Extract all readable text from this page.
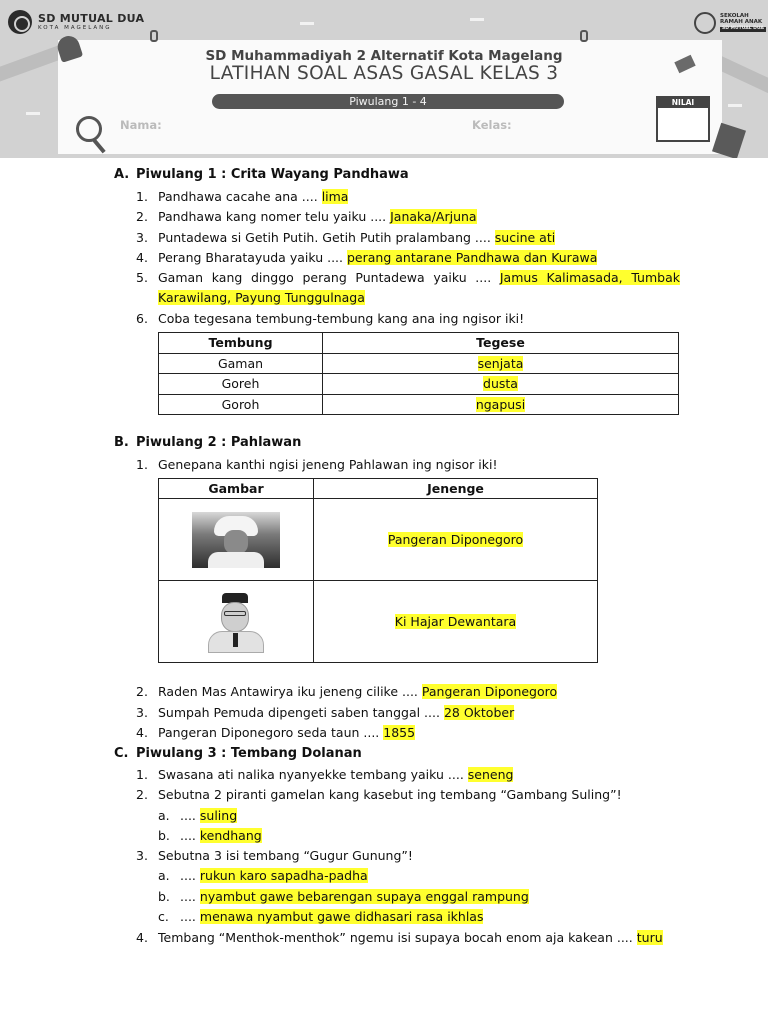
SD MUTUAL DUA
KOTA MAGELANG
SEKOLAH
RAMAH ANAK
SD MUTUAL DUA
SD Muhammadiyah 2 Alternatif Kota Magelang
LATIHAN SOAL ASAS GASAL KELAS 3
Piwulang 1 - 4
Nama:	Kelas:
NILAI
A. Piwulang 1 : Crita Wayang Pandhawa
1. Pandhawa cacahe ana .... lima
2. Pandhawa kang nomer telu yaiku .... Janaka/Arjuna
3. Puntadewa si Getih Putih. Getih Putih pralambang .... sucine ati
4. Perang Bharatayuda yaiku .... perang antarane Pandhawa dan Kurawa
5. Gaman kang dinggo perang Puntadewa yaiku .... Jamus Kalimasada, Tumbak Karawilang, Payung Tunggulnaga
6. Coba tegesana tembung-tembung kang ana ing ngisor iki!
Tembung	Tegese
Gaman	senjata
Goreh	dusta
Goroh	ngapusi
B. Piwulang 2 : Pahlawan
1. Genepana kanthi ngisi jeneng Pahlawan ing ngisor iki!
Gambar	Jenenge

	Pangeran Diponegoro

	Ki Hajar Dewantara
2. Raden Mas Antawirya iku jeneng cilike .... Pangeran Diponegoro
3. Sumpah Pemuda dipengeti saben tanggal .... 28 Oktober
4. Pangeran Diponegoro seda taun .... 1855
C. Piwulang 3 : Tembang Dolanan
1. Swasana ati nalika nyanyekke tembang yaiku .... seneng
2. Sebutna 2 piranti gamelan kang kasebut ing tembang “Gambang Suling”!
a. .... suling
b. .... kendhang
3. Sebutna 3 isi tembang “Gugur Gunung”!
a. .... rukun karo sapadha-padha
b. .... nyambut gawe bebarengan supaya enggal rampung
c. .... menawa nyambut gawe didhasari rasa ikhlas
4. Tembang “Menthok-menthok” ngemu isi supaya bocah enom aja kakean .... turu
